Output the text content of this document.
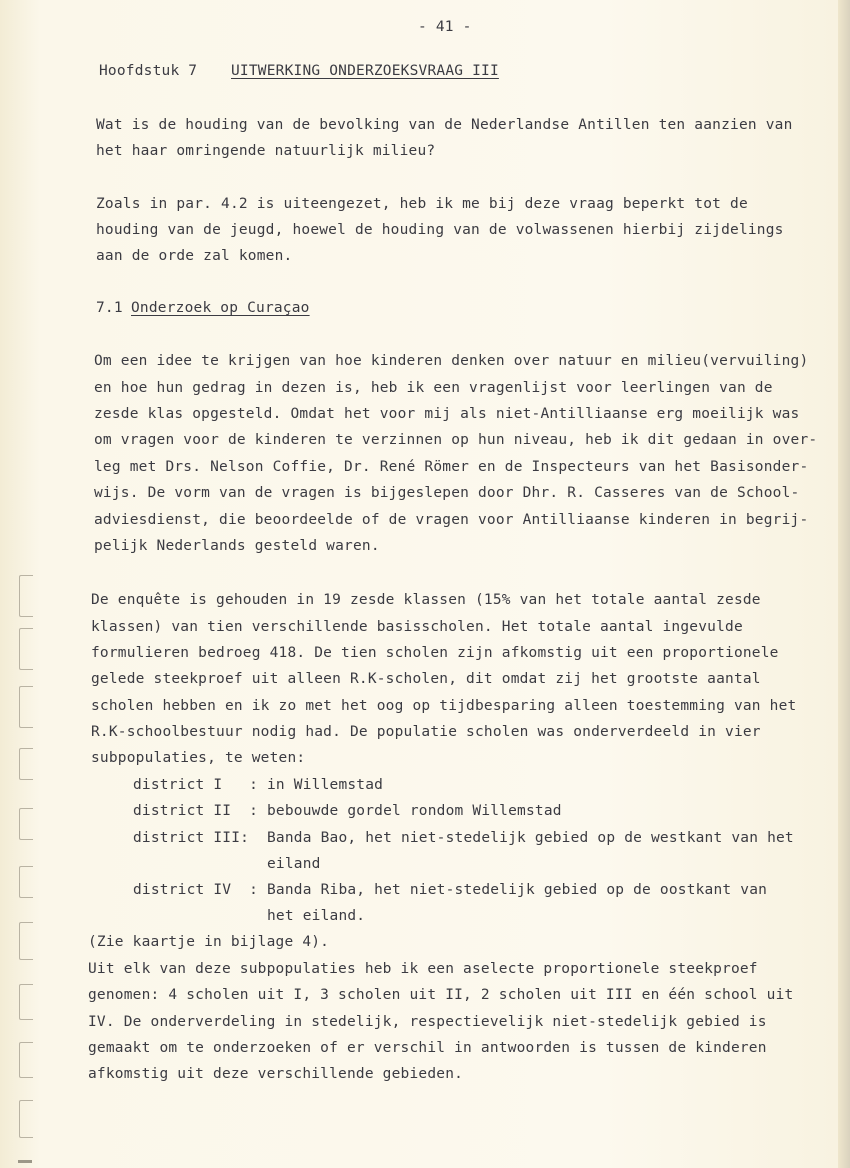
- 41 -
Hoofdstuk 7 UITWERKING ONDERZOEKSVRAAG III
Wat is de houding van de bevolking van de Nederlandse Antillen ten aanzien van
het haar omringende natuurlijk milieu?
Zoals in par. 4.2 is uiteengezet, heb ik me bij deze vraag beperkt tot de
houding van de jeugd, hoewel de houding van de volwassenen hierbij zijdelings
aan de orde zal komen.
7.1 Onderzoek op Curaçao
Om een idee te krijgen van hoe kinderen denken over natuur en milieu(vervuiling)
en hoe hun gedrag in dezen is, heb ik een vragenlijst voor leerlingen van de
zesde klas opgesteld. Omdat het voor mij als niet-Antilliaanse erg moeilijk was
om vragen voor de kinderen te verzinnen op hun niveau, heb ik dit gedaan in over-
leg met Drs. Nelson Coffie, Dr. René Römer en de Inspecteurs van het Basisonder-
wijs. De vorm van de vragen is bijgeslepen door Dhr. R. Casseres van de School-
adviesdienst, die beoordeelde of de vragen voor Antilliaanse kinderen in begrij-
pelijk Nederlands gesteld waren.
De enquête is gehouden in 19 zesde klassen (15% van het totale aantal zesde
klassen) van tien verschillende basisscholen. Het totale aantal ingevulde
formulieren bedroeg 418. De tien scholen zijn afkomstig uit een proportionele
gelede steekproef uit alleen R.K-scholen, dit omdat zij het grootste aantal
scholen hebben en ik zo met het oog op tijdbesparing alleen toestemming van het
R.K-schoolbestuur nodig had. De populatie scholen was onderverdeeld in vier
subpopulaties, te weten:
district I   : in Willemstad
district II  : bebouwde gordel rondom Willemstad
district III: Banda Bao, het niet-stedelijk gebied op de westkant van het
eiland
district IV  : Banda Riba, het niet-stedelijk gebied op de oostkant van
het eiland.
(Zie kaartje in bijlage 4).
Uit elk van deze subpopulaties heb ik een aselecte proportionele steekproef
genomen: 4 scholen uit I, 3 scholen uit II, 2 scholen uit III en één school uit
IV. De onderverdeling in stedelijk, respectievelijk niet-stedelijk gebied is
gemaakt om te onderzoeken of er verschil in antwoorden is tussen de kinderen
afkomstig uit deze verschillende gebieden.
